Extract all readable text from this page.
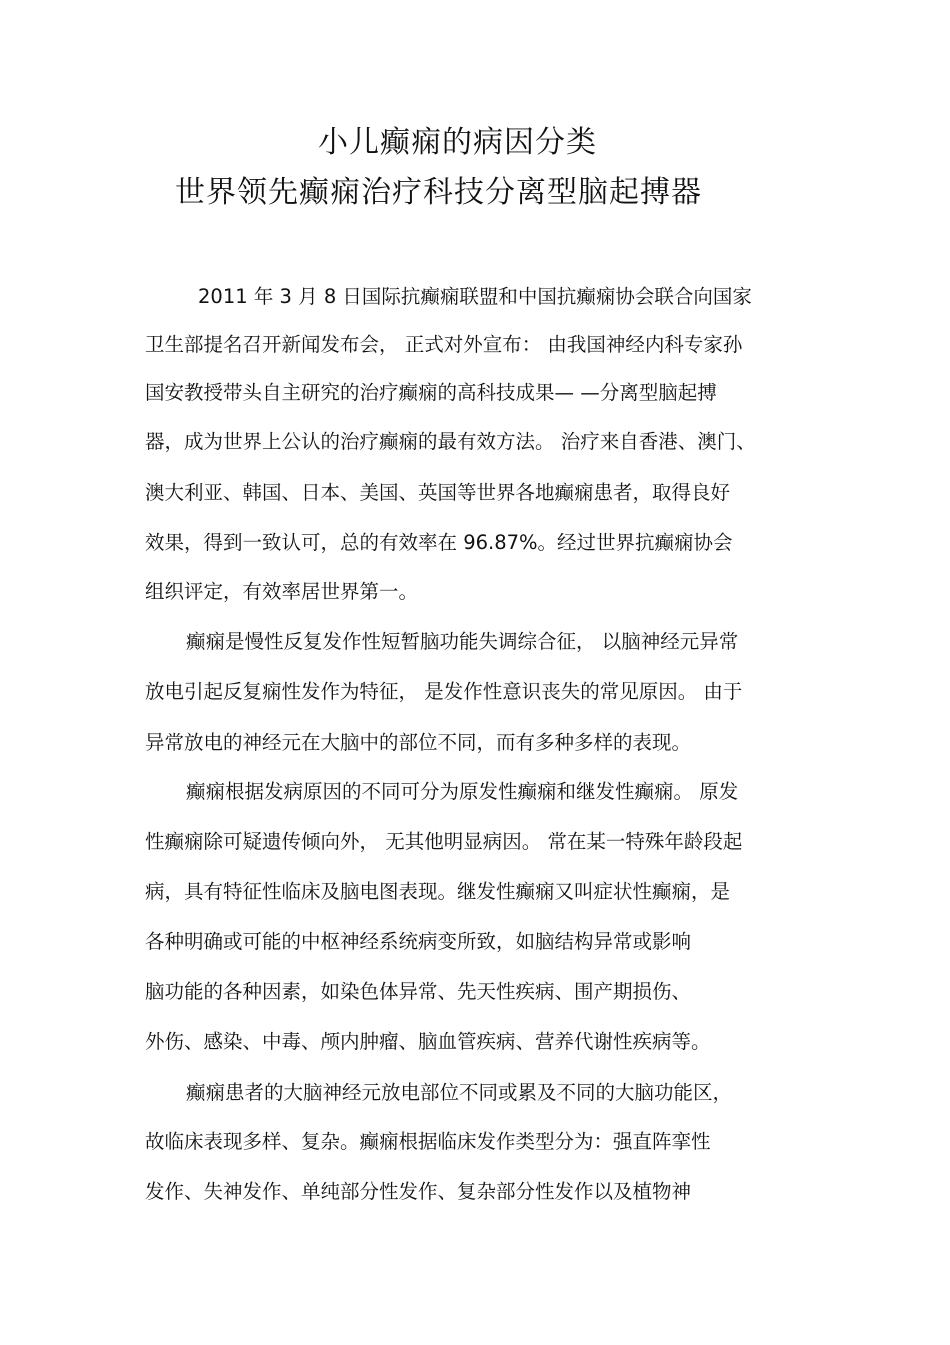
小儿癫痫的病因分类
世界领先癫痫治疗科技分离型脑起搏器
2011 年 3 月 8 日国际抗癫痫联盟和中国抗癫痫协会联合向国家
卫生部提名召开新闻发布会， 正式对外宣布： 由我国神经内科专家孙
国安教授带头自主研究的治疗癫痫的高科技成果— —分离型脑起搏
器，成为世界上公认的治疗癫痫的最有效方法。 治疗来自香港、澳门、
澳大利亚、韩国、日本、美国、英国等世界各地癫痫患者，取得良好
效果，得到一致认可，总的有效率在 96.87%。经过世界抗癫痫协会
组织评定，有效率居世界第一。
癫痫是慢性反复发作性短暂脑功能失调综合征， 以脑神经元异常
放电引起反复痫性发作为特征， 是发作性意识丧失的常见原因。 由于
异常放电的神经元在大脑中的部位不同，而有多种多样的表现。
癫痫根据发病原因的不同可分为原发性癫痫和继发性癫痫。 原发
性癫痫除可疑遗传倾向外， 无其他明显病因。 常在某一特殊年龄段起
病，具有特征性临床及脑电图表现。继发性癫痫又叫症状性癫痫，是
各种明确或可能的中枢神经系统病变所致，如脑结构异常或影响
脑功能的各种因素，如染色体异常、先天性疾病、围产期损伤、
外伤、感染、中毒、颅内肿瘤、脑血管疾病、营养代谢性疾病等。
癫痫患者的大脑神经元放电部位不同或累及不同的大脑功能区，
故临床表现多样、复杂。癫痫根据临床发作类型分为：强直阵挛性
发作、失神发作、单纯部分性发作、复杂部分性发作以及植物神
